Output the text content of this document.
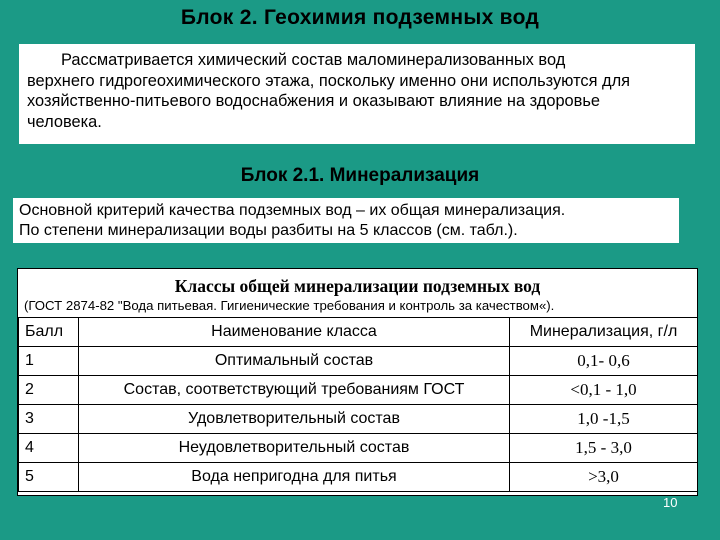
Блок 2. Геохимия подземных вод
Рассматривается химический состав маломинерализованных вод
верхнего гидрогеохимического этажа, поскольку именно они используются для
хозяйственно-питьевого водоснабжения и оказывают влияние на здоровье
человека.
Блок 2.1. Минерализация
Основной критерий качества подземных вод – их общая минерализация.
По степени минерализации воды разбиты на 5 классов (см. табл.).
Классы общей минерализации подземных вод
(ГОСТ 2874-82 "Вода питьевая. Гигиенические требования и контроль за качеством«).
Балл	Наименование класса	Минерализация, г/л
1	Оптимальный состав	0,1- 0,6
2	Состав, соответствующий требованиям ГОСТ	<0,1 - 1,0
3	Удовлетворительный состав	1,0 -1,5
4	Неудовлетворительный состав	1,5 - 3,0
5	Вода непригодна для питья	>3,0
10
